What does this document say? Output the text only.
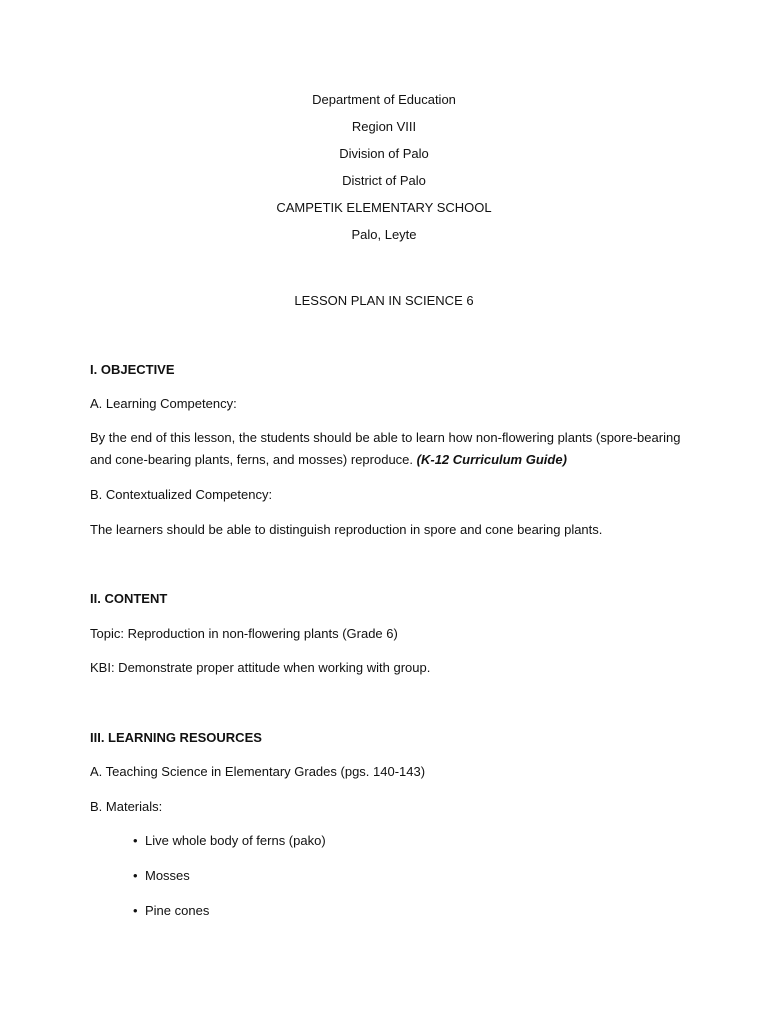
Department of Education
Region VIII
Division of Palo
District of Palo
CAMPETIK ELEMENTARY SCHOOL
Palo, Leyte
LESSON PLAN IN SCIENCE 6
I. OBJECTIVE
A. Learning Competency:
By the end of this lesson, the students should be able to learn how non-flowering plants (spore-bearing and cone-bearing plants, ferns, and mosses) reproduce. (K-12 Curriculum Guide)
B. Contextualized Competency:
The learners should be able to distinguish reproduction in spore and cone bearing plants.
II. CONTENT
Topic: Reproduction in non-flowering plants (Grade 6)
KBI: Demonstrate proper attitude when working with group.
III. LEARNING RESOURCES
A. Teaching Science in Elementary Grades (pgs. 140-143)
B. Materials:
• Live whole body of ferns (pako)
• Mosses
• Pine cones
